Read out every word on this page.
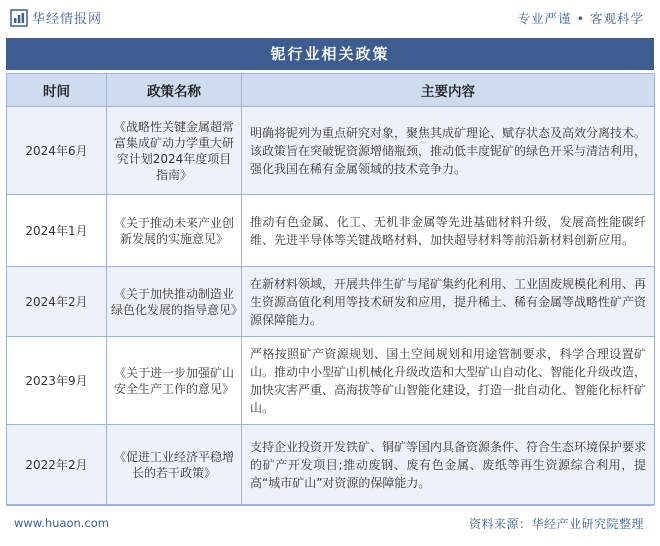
华经情报网	专业严谨 • 客观科学
铌行业相关政策
时间	政策名称	主要内容
2024年6月	《战略性关键金属超常富集成矿动力学重大研究计划2024年度项目指南》	明确将铌列为重点研究对象，聚焦其成矿理论、赋存状态及高效分离技术。该政策旨在突破铌资源增储瓶颈，推动低丰度铌矿的绿色开采与清洁利用，强化我国在稀有金属领域的技术竞争力。
2024年1月	《关于推动未来产业创新发展的实施意见》	推动有色金属、化工、无机非金属等先进基础材料升级，发展高性能碳纤维、先进半导体等关键战略材料，加快超导材料等前沿新材料创新应用。
2024年2月	《关于加快推动制造业绿色化发展的指导意见》	在新材料领域，开展共伴生矿与尾矿集约化利用、工业固废规模化利用、再生资源高值化利用等技术研发和应用，提升稀土、稀有金属等战略性矿产资源保障能力。
2023年9月	《关于进一步加强矿山安全生产工作的意见》	严格按照矿产资源规划、国土空间规划和用途管制要求，科学合理设置矿山。推动中小型矿山机械化升级改造和大型矿山自动化、智能化升级改造，加快灾害严重、高海拔等矿山智能化建设，打造一批自动化、智能化标杆矿山。
2022年2月	《促进工业经济平稳增长的若干政策》	支持企业投资开发铁矿、铜矿等国内具备资源条件、符合生态环境保护要求的矿产开发项目;推动废钢、废有色金属、废纸等再生资源综合利用，提高“城市矿山”对资源的保障能力。
www.huaon.com	资料来源：华经产业研究院整理
